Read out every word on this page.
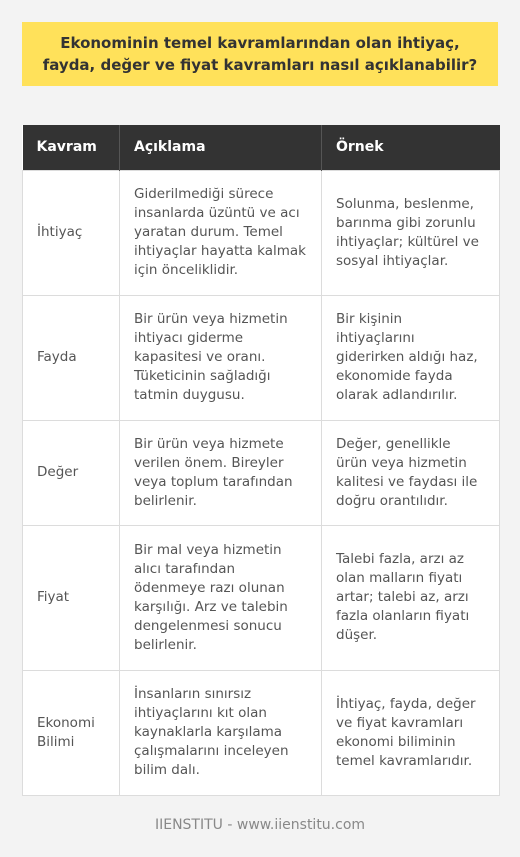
Ekonominin temel kavramlarından olan ihtiyaç, fayda, değer ve fiyat kavramları nasıl açıklanabilir?
Kavram	Açıklama	Örnek
İhtiyaç	Giderilmediği sürece insanlarda üzüntü ve acı yaratan durum. Temel ihtiyaçlar hayatta kalmak için önceliklidir.	Solunma, beslenme, barınma gibi zorunlu ihtiyaçlar; kültürel ve sosyal ihtiyaçlar.
Fayda	Bir ürün veya hizmetin ihtiyacı giderme kapasitesi ve oranı. Tüketicinin sağladığı tatmin duygusu.	Bir kişinin ihtiyaçlarını giderirken aldığı haz, ekonomide fayda olarak adlandırılır.
Değer	Bir ürün veya hizmete verilen önem. Bireyler veya toplum tarafından belirlenir.	Değer, genellikle ürün veya hizmetin kalitesi ve faydası ile doğru orantılıdır.
Fiyat	Bir mal veya hizmetin alıcı tarafından ödenmeye razı olunan karşılığı. Arz ve talebin dengelenmesi sonucu belirlenir.	Talebi fazla, arzı az olan malların fiyatı artar; talebi az, arzı fazla olanların fiyatı düşer.
Ekonomi Bilimi	İnsanların sınırsız ihtiyaçlarını kıt olan kaynaklarla karşılama çalışmalarını inceleyen bilim dalı.	İhtiyaç, fayda, değer ve fiyat kavramları ekonomi biliminin temel kavramlarıdır.
IIENSTITU - www.iienstitu.com
